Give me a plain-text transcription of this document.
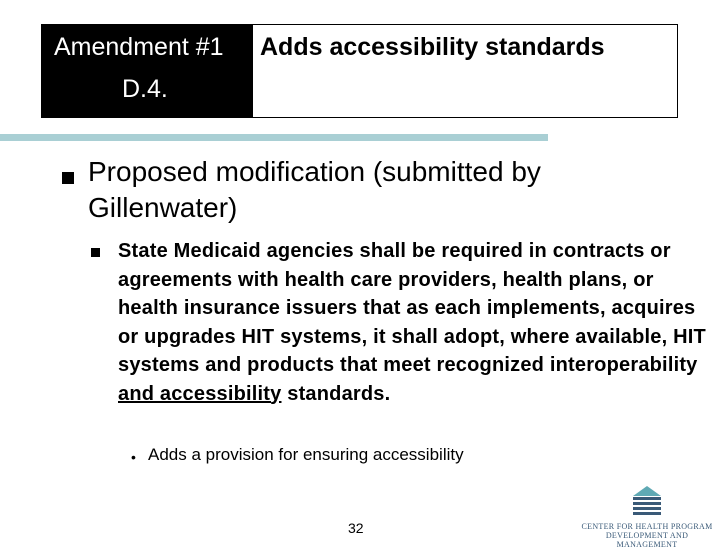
Amendment #1
D.4.
Adds accessibility standards
Proposed modification (submitted by Gillenwater)
State Medicaid agencies shall be required in contracts or agreements with health care providers, health plans, or health insurance issuers that as each implements, acquires or upgrades HIT systems, it shall adopt, where available, HIT systems and products that meet recognized interoperability and accessibility standards.
• Adds a provision for ensuring accessibility
32	CENTER FOR HEALTH PROGRAM
DEVELOPMENT AND MANAGEMENT
